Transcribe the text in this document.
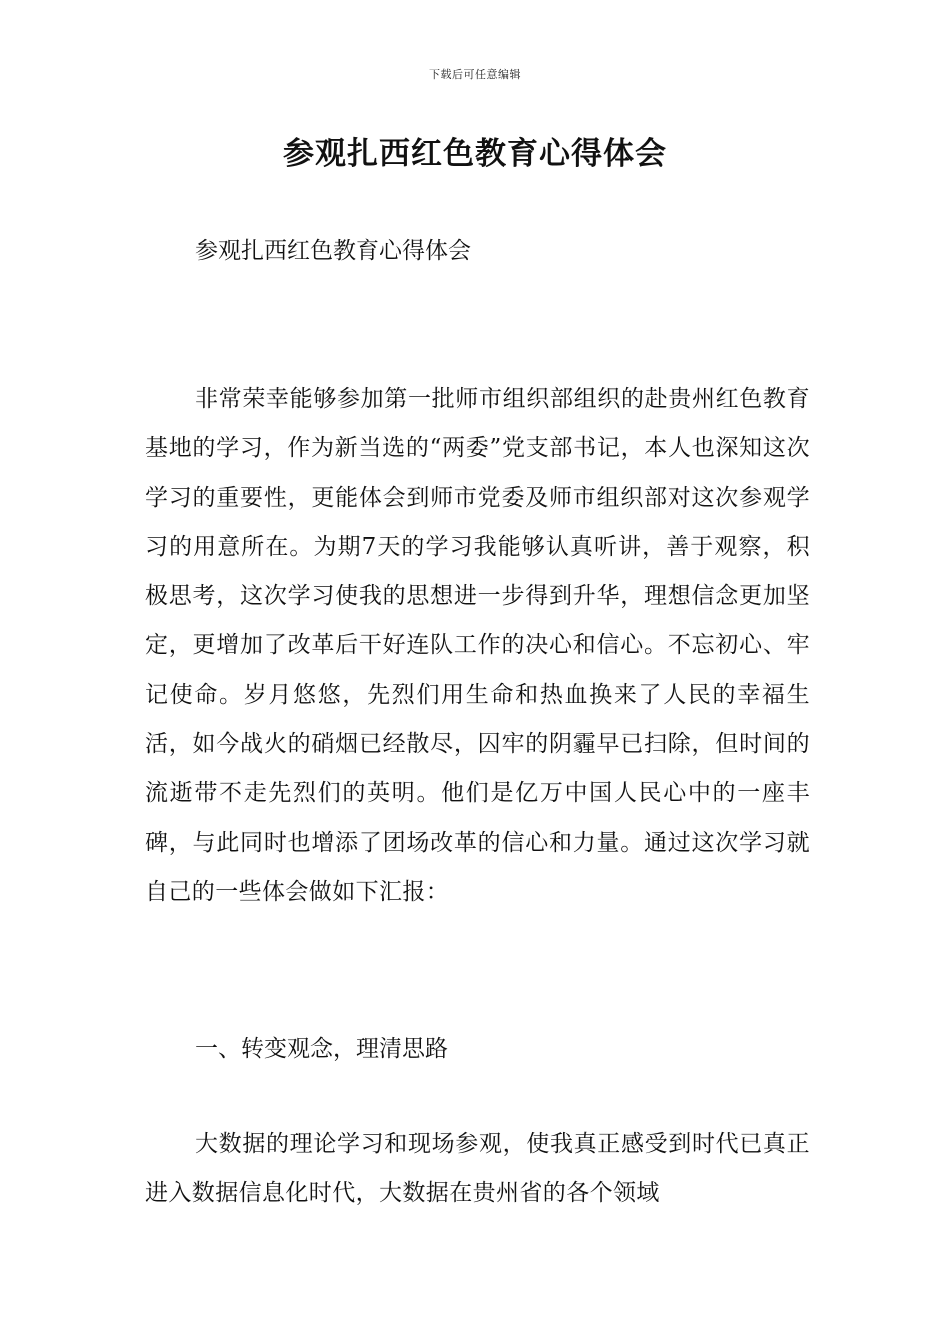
下载后可任意编辑
参观扎西红色教育心得体会

参观扎西红色教育心得体会

非常荣幸能够参加第一批师市组织部组织的赴贵州红色教育基地的学习，作为新当选的“两委”党支部书记，本人也深知这次学习的重要性，更能体会到师市党委及师市组织部对这次参观学习的用意所在。为期7天的学习我能够认真听讲，善于观察，积极思考，这次学习使我的思想进一步得到升华，理想信念更加坚定，更增加了改革后干好连队工作的决心和信心。不忘初心、牢记使命。岁月悠悠，先烈们用生命和热血换来了人民的幸福生活，如今战火的硝烟已经散尽，囚牢的阴霾早已扫除，但时间的流逝带不走先烈们的英明。他们是亿万中国人民心中的一座丰碑，与此同时也增添了团场改革的信心和力量。通过这次学习就自己的一些体会做如下汇报：

一、转变观念，理清思路

大数据的理论学习和现场参观，使我真正感受到时代已真正进入数据信息化时代，大数据在贵州省的各个领域
